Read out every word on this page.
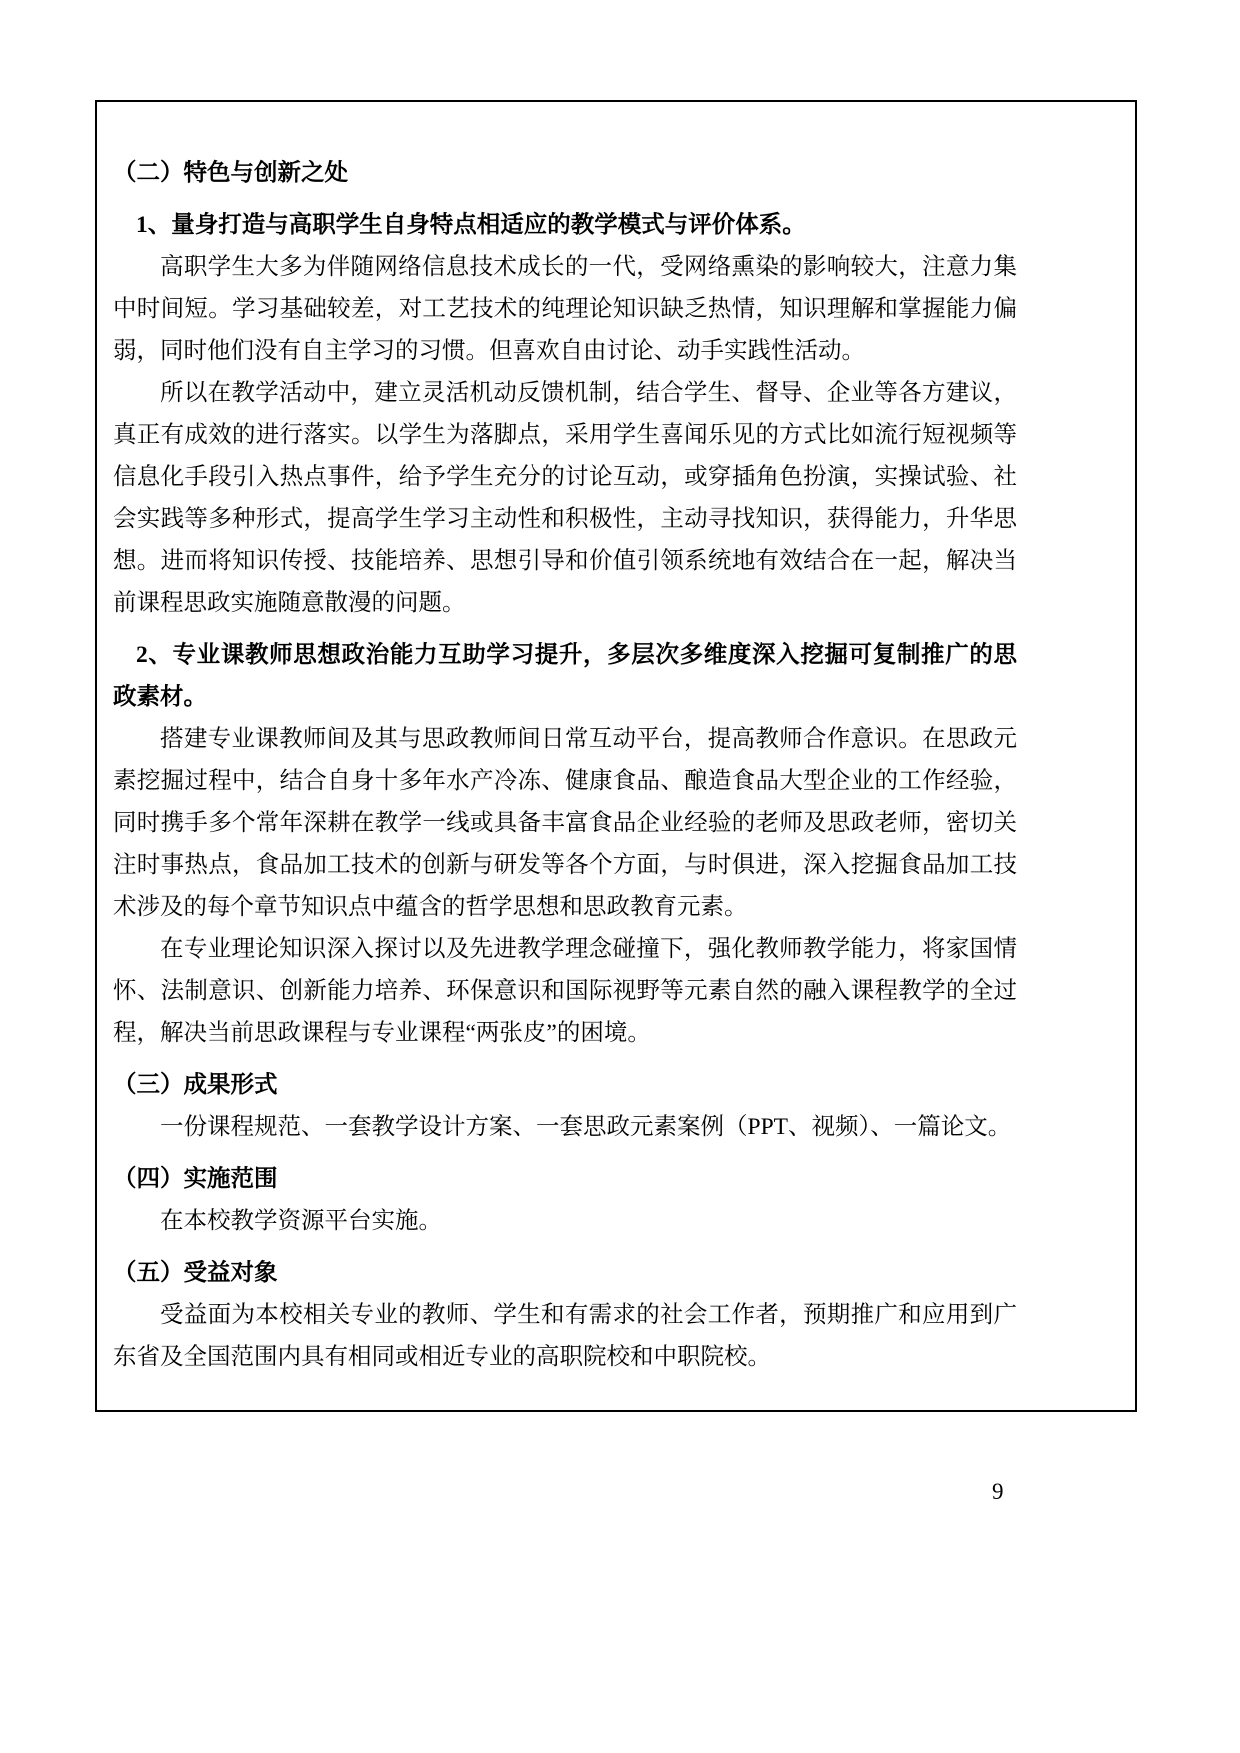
（二）特色与创新之处
1、量身打造与高职学生自身特点相适应的教学模式与评价体系。

高职学生大多为伴随网络信息技术成长的一代，受网络熏染的影响较大，注意力集中时间短。学习基础较差，对工艺技术的纯理论知识缺乏热情，知识理解和掌握能力偏弱，同时他们没有自主学习的习惯。但喜欢自由讨论、动手实践性活动。

所以在教学活动中，建立灵活机动反馈机制，结合学生、督导、企业等各方建议，真正有成效的进行落实。以学生为落脚点，采用学生喜闻乐见的方式比如流行短视频等信息化手段引入热点事件，给予学生充分的讨论互动，或穿插角色扮演，实操试验、社会实践等多种形式，提高学生学习主动性和积极性，主动寻找知识，获得能力，升华思想。进而将知识传授、技能培养、思想引导和价值引领系统地有效结合在一起，解决当前课程思政实施随意散漫的问题。

2、专业课教师思想政治能力互助学习提升，多层次多维度深入挖掘可复制推广的思政素材。

搭建专业课教师间及其与思政教师间日常互动平台，提高教师合作意识。在思政元素挖掘过程中，结合自身十多年水产冷冻、健康食品、酿造食品大型企业的工作经验，同时携手多个常年深耕在教学一线或具备丰富食品企业经验的老师及思政老师，密切关注时事热点，食品加工技术的创新与研发等各个方面，与时俱进，深入挖掘食品加工技术涉及的每个章节知识点中蕴含的哲学思想和思政教育元素。

在专业理论知识深入探讨以及先进教学理念碰撞下，强化教师教学能力，将家国情怀、法制意识、创新能力培养、环保意识和国际视野等元素自然的融入课程教学的全过程，解决当前思政课程与专业课程“两张皮”的困境。

（三）成果形式

一份课程规范、一套教学设计方案、一套思政元素案例（PPT、视频）、一篇论文。

（四）实施范围

在本校教学资源平台实施。

（五）受益对象

受益面为本校相关专业的教师、学生和有需求的社会工作者，预期推广和应用到广东省及全国范围内具有相同或相近专业的高职院校和中职院校。

9
